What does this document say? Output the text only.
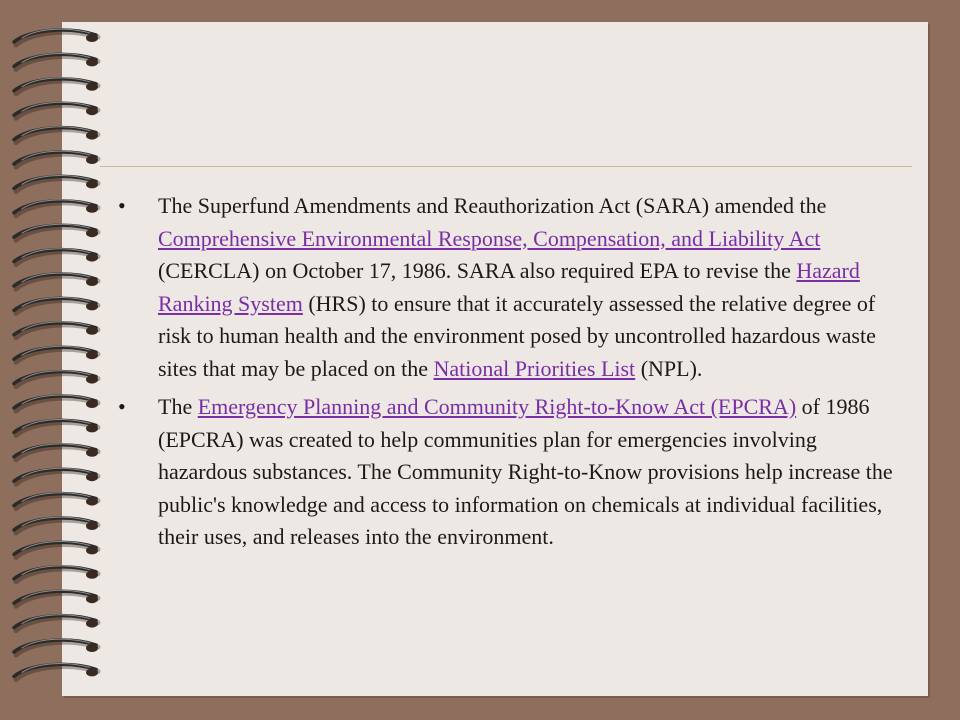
• The Superfund Amendments and Reauthorization Act (SARA) amended the Comprehensive Environmental Response, Compensation, and Liability Act (CERCLA) on October 17, 1986. SARA also required EPA to revise the Hazard Ranking System (HRS) to ensure that it accurately assessed the relative degree of risk to human health and the environment posed by uncontrolled hazardous waste sites that may be placed on the National Priorities List (NPL).
• The Emergency Planning and Community Right-to-Know Act (EPCRA) of 1986 (EPCRA) was created to help communities plan for emergencies involving hazardous substances. The Community Right-to-Know provisions help increase the public's knowledge and access to information on chemicals at individual facilities, their uses, and releases into the environment.
